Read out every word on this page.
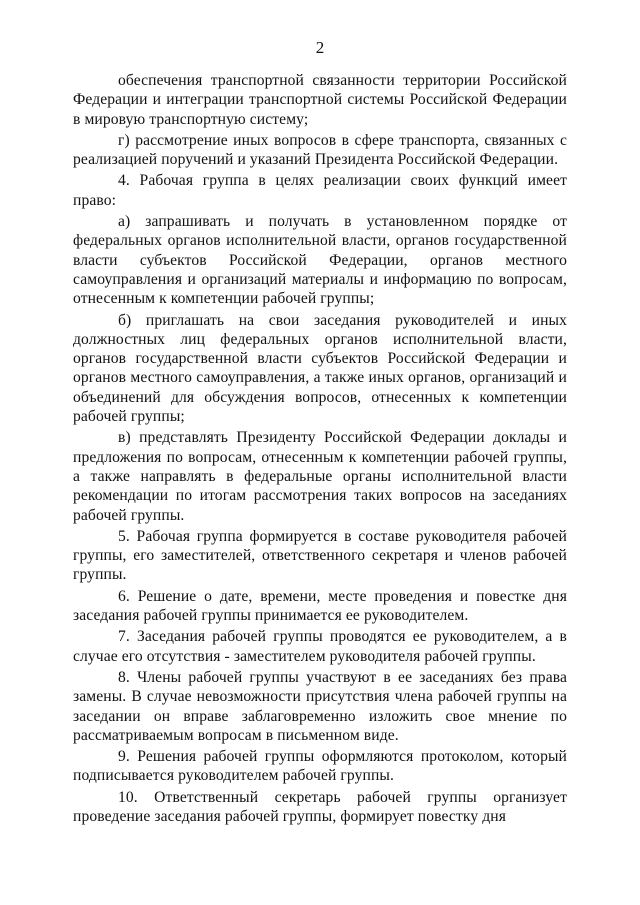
2

обеспечения транспортной связанности территории Российской Федерации и интеграции транспортной системы Российской Федерации в мировую транспортную систему;

г) рассмотрение иных вопросов в сфере транспорта, связанных с реализацией поручений и указаний Президента Российской Федерации.

4. Рабочая группа в целях реализации своих функций имеет право:

а) запрашивать и получать в установленном порядке от федеральных органов исполнительной власти, органов государственной власти субъектов Российской Федерации, органов местного самоуправления и организаций материалы и информацию по вопросам, отнесенным к компетенции рабочей группы;

б) приглашать на свои заседания руководителей и иных должностных лиц федеральных органов исполнительной власти, органов государственной власти субъектов Российской Федерации и органов местного самоуправления, а также иных органов, организаций и объединений для обсуждения вопросов, отнесенных к компетенции рабочей группы;

в) представлять Президенту Российской Федерации доклады и предложения по вопросам, отнесенным к компетенции рабочей группы, а также направлять в федеральные органы исполнительной власти рекомендации по итогам рассмотрения таких вопросов на заседаниях рабочей группы.

5. Рабочая группа формируется в составе руководителя рабочей группы, его заместителей, ответственного секретаря и членов рабочей группы.

6. Решение о дате, времени, месте проведения и повестке дня заседания рабочей группы принимается ее руководителем.

7. Заседания рабочей группы проводятся ее руководителем, а в случае его отсутствия - заместителем руководителя рабочей группы.

8. Члены рабочей группы участвуют в ее заседаниях без права замены. В случае невозможности присутствия члена рабочей группы на заседании он вправе заблаговременно изложить свое мнение по рассматриваемым вопросам в письменном виде.

9. Решения рабочей группы оформляются протоколом, который подписывается руководителем рабочей группы.

10. Ответственный секретарь рабочей группы организует проведение заседания рабочей группы, формирует повестку дня
